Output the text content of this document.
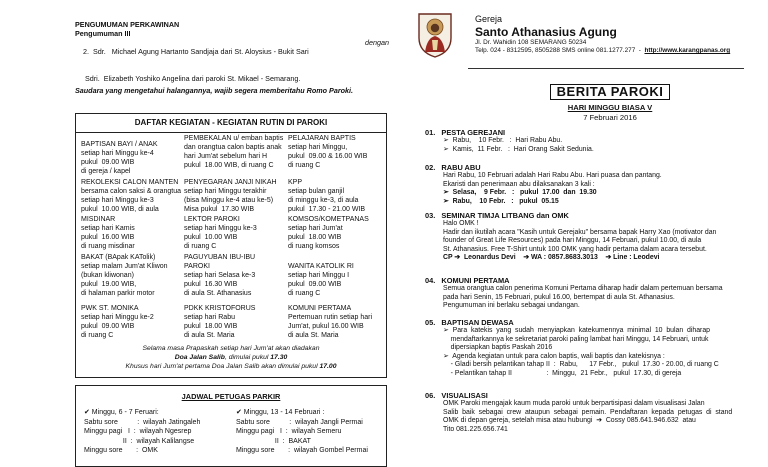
PENGUMUMAN PERKAWINAN
Pengumuman III

2.  Sdr.   Michael Agung Hartanto Sandjaja dari St. Aloysius - Bukit Sari

dengan

Sdri.  Elizabeth Yoshiko Angelina dari paroki St. Mikael - Semarang.
Saudara yang mengetahui halangannya, wajib segera memberitahu Romo Paroki.
DAFTAR KEGIATAN - KEGIATAN RUTIN DI PAROKI
BAPTISAN BAYI / ANAK
setiap hari Minggu ke-4
pukul  09.00 WIB
di gereja / kapel
PEMBEKALAN u/ emban baptis
dan orangtua calon baptis anak
hari Jum'at sebelum hari H
pukul  18.00 WIB, di ruang C
PELAJARAN BAPTIS
setiap hari Minggu,
pukul  09.00 & 16.00 WIB
di ruang C
REKOLEKSI CALON MANTEN
bersama calon saksi & orangtua
setiap hari Minggu ke-3
pukul  10.00 WIB, di aula
PENYEGARAN JANJI NIKAH
setiap hari Minggu terakhir
(bisa Minggu ke-4 atau ke-5)
Misa pukul  17.30 WIB
KPP
setiap bulan ganjil
di minggu ke-3, di aula
pukul  17.30 - 21.00 WIB
MISDINAR
setiap hari Kamis
pukul  16.00 WIB
di ruang misdinar
LEKTOR PAROKI
setiap hari Minggu ke-3
pukul  10.00 WIB
di ruang C
KOMSOS/KOMETPANAS
setiap hari Jum'at
pukul  18.00 WIB
di ruang komsos
BAKAT (BApak KATolik)
setiap malam Jum'at Kliwon
(bukan kliwonan)
pukul  19.00 WIB,
di halaman parkir motor
PAGUYUBAN IBU-IBU
PAROKI
setiap hari Selasa ke-3
pukul  16.30 WIB
di aula St. Athanasius
WANITA KATOLIK RI
setiap hari Minggu I
pukul  09.00 WIB
di ruang C
PWK ST. MONIKA
setiap hari Minggu ke-2
pukul  09.00 WIB
di ruang C
PDKK KRISTOFORUS
setiap hari Rabu
pukul  18.00 WIB
di aula St. Maria
KOMUNI PERTAMA
Pertemuan rutin setiap hari
Jum'at, pukul 16.00 WIB
di aula St. Maria
Selama masa Prapaskah setiap hari Jum'at akan diadakan
Doa Jalan Salib, dimulai pukul 17.30
Khusus hari Jum'at pertama Doa Jalan Salib akan dimulai pukul 17.00
JADWAL PETUGAS PARKIR
✔ Minggu, 6 - 7 Feruari:
Sabtu sore          :  wilayah Jatingaleh
Minggu pagi   I  :  wilayah Ngesrep
II  :  wilayah Kalilangse
Minggu sore       :  OMK
✔ Minggu, 13 - 14 Februari :
Sabtu sore          :  wilayah Jangli Permai
Minggu pagi   I  :  wilayah Semeru
II  :  BAKAT
Minggu sore       :  wilayah Gombel Permai
Gereja
Santo Athanasius Agung
Jl. Dr. Wahidin 108 SEMARANG 50234
Telp. 024 - 8312595, 8505288 SMS online 081.1277.277  -  http://www.karangpanas.org
BERITA PAROKI
HARI MINGGU BIASA V
7 Februari 2016
01.   PESTA GEREJANI
➢  Rabu,    10 Febr.   :  Hari Rabu Abu.
➢  Kamis,  11 Febr.   :  Hari Orang Sakit Sedunia.
02.   RABU ABU
Hari Rabu, 10 Februari adalah Hari Rabu Abu. Hari puasa dan pantang.
Ekaristi dan penerimaan abu dilaksanakan 3 kali :
➢  Selasa,    9 Febr.   :   pukul  17.00  dan  19.30
➢  Rabu,    10 Febr.   :   pukul  05.15
03.   SEMINAR TIMJA LITBANG dan OMK
Halo OMK !
Hadir dan ikutilah acara "Kasih untuk Gerejaku" bersama bapak Harry Xao (motivator dan
founder of Great Life Resources) pada hari Minggu, 14 Februari, pukul 10.00, di aula
St. Athanasius. Free T-Shirt untuk 100 OMK yang hadir pertama dalam acara tersebut.
CP ➔  Leonardus Devi    ➔ WA : 0857.8683.3013    ➔ Line : Leodevi
04.   KOMUNI PERTAMA
Semua orangtua calon penerima Komuni Pertama diharap hadir dalam pertemuan bersama
pada hari Senin, 15 Februari, pukul 16.00, bertempat di aula St. Athanasius.
Pengumuman ini berlaku sebagai undangan.
05.   BAPTISAN DEWASA
➢  Para  katekis  yang  sudah  menyiapkan  katekumennya  minimal  10  bulan  diharap
mendaftarkannya ke sekretariat paroki paling lambat hari Minggu, 14 Februari, untuk
dipersiapkan baptis Paskah 2016
➢  Agenda kegiatan untuk para calon baptis, wali baptis dan katekisnya :
- Gladi bersih pelantikan tahap II  :  Rabu,      17 Febr.,   pukul  17.30 - 20.00, di ruang C
- Pelantikan tahap II                  :  Minggu,  21 Febr.,   pukul  17.30, di gereja
06.   VISUALISASI
OMK Paroki mengajak kaum muda paroki untuk berpartisipasi dalam visualisasi Jalan
Salib  baik  sebagai  crew  ataupun  sebagai  pemain.  Pendaftaran  kepada  petugas  di  stand
OMK di depan gereja, setelah misa atau hubungi  ➔  Cossy 085.641.946.632  atau
Tito 081.225.656.741
